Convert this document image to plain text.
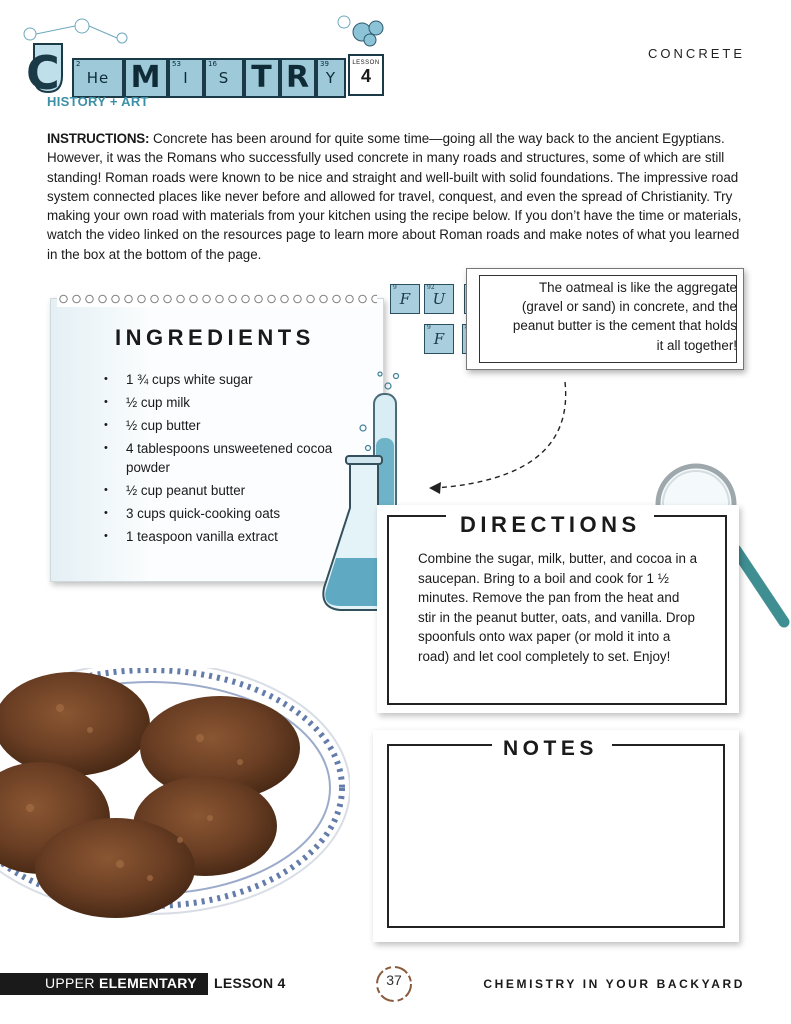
C 2
He M	53
I
16
S T R	39
Y
LESSON
4
HISTORY + ART
CONCRETE
INSTRUCTIONS: Concrete has been around for quite some time—going all the way back to the ancient Egyptians. However, it was the Romans who successfully used concrete in many roads and structures, some of which are still standing! Roman roads were known to be nice and straight and well-built with solid foundations. The impressive road system connected places like never before and allowed for travel, conquest, and even the spread of Christianity. Try making your own road with materials from your kitchen using the recipe below. If you don’t have the time or materials, watch the video linked on the resources page to learn more about Roman roads and make notes of what you learned in the box at the bottom of the page.
INGREDIENTS
• 1 ¾ cups white sugar
• ½ cup milk
• ½ cup butter
• 4 tablespoons unsweetened cocoa powder
• ½ cup peanut butter
• 3 cups quick-cooking oats
• 1 teaspoon vanilla extract
9
F
92
U
9
F
The oatmeal is like the aggregate (gravel or sand) in concrete, and the peanut butter is the cement that holds it all together!
DIRECTIONS
Combine the sugar, milk, butter, and cocoa in a saucepan. Bring to a boil and cook for 1 ½ minutes. Remove the pan from the heat and stir in the peanut butter, oats, and vanilla. Drop spoonfuls onto wax paper (or mold it into a road) and let cool completely to set. Enjoy!
NOTES
UPPER ELEMENTARY LESSON 4	37	CHEMISTRY IN YOUR BACKYARD
